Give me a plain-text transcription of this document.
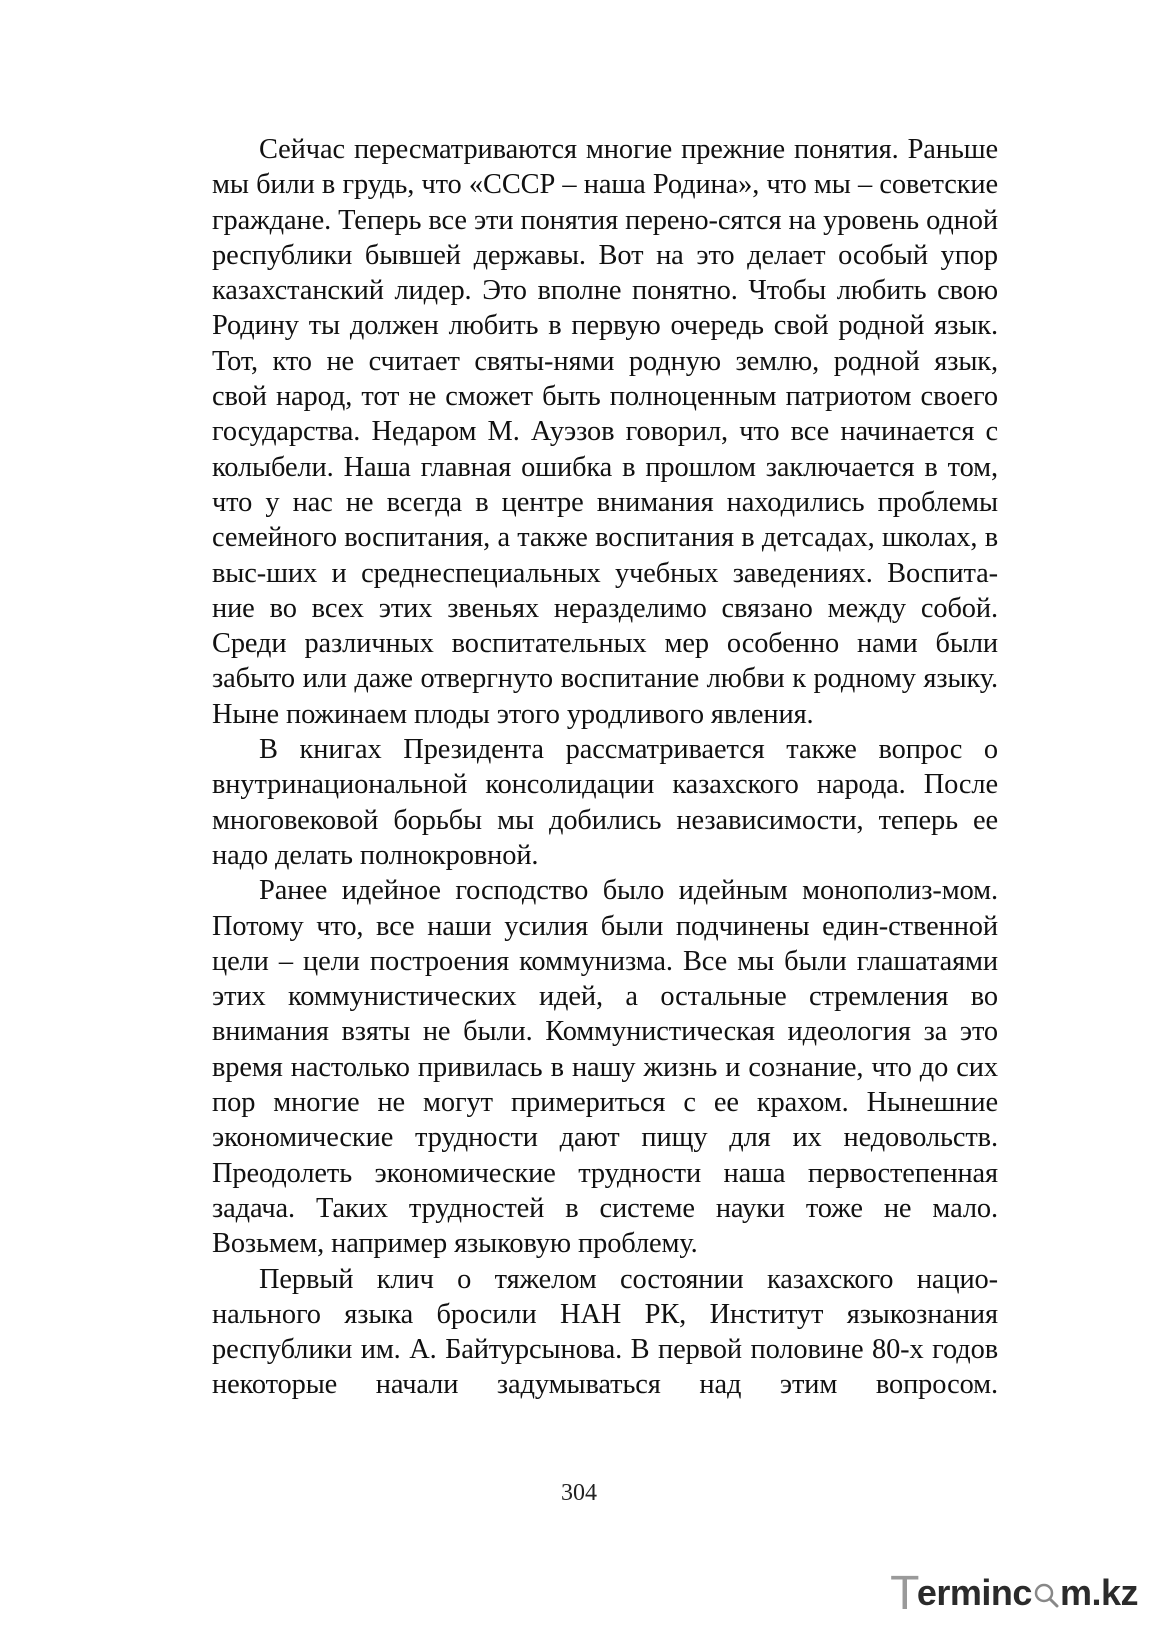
Сейчас пересматриваются многие прежние понятия. Раньше мы били в грудь, что «СССР – наша Родина», что мы – советские граждане. Теперь все эти понятия перено-сятся на уровень одной республики бывшей державы. Вот на это делает особый упор казахстанский лидер. Это вполне понятно. Чтобы любить свою Родину ты должен любить в первую очередь свой родной язык. Тот, кто не считает святы-нями родную землю, родной язык, свой народ, тот не сможет быть полноценным патриотом своего государства. Недаром М. Ауэзов говорил, что все начинается с колыбели. Наша главная ошибка в прошлом заключается в том, что у нас не всегда в центре внимания находились проблемы семейного воспитания, а также воспитания в детсадах, школах, в выс-ших и среднеспециальных учебных заведениях. Воспита-ние во всех этих звеньях неразделимо связано между собой. Среди различных воспитательных мер особенно нами были забыто или даже отвергнуто воспитание любви к родному языку. Ныне пожинаем плоды этого уродливого явления.

В книгах Президента рассматривается также вопрос о внутринациональной консолидации казахского народа. После многовековой борьбы мы добились независимости, теперь ее надо делать полнокровной.

Ранее идейное господство было идейным монополиз-мом. Потому что, все наши усилия были подчинены един-ственной цели – цели построения коммунизма. Все мы были глашатаями этих коммунистических идей, а остальные стремления во внимания взяты не были. Коммунистическая идеология за это время настолько привилась в нашу жизнь и сознание, что до сих пор многие не могут примериться с ее крахом. Нынешние экономические трудности дают пищу для их недовольств. Преодолеть экономические трудности наша первостепенная задача. Таких трудностей в системе науки тоже не мало. Возьмем, например языковую проблему.

Первый клич о тяжелом состоянии казахского нацио-нального языка бросили НАН РК, Институт языкознания республики им. А. Байтурсынова. В первой половине 80-х годов некоторые начали задумываться над этим вопросом.

304
T
erminc m.kz
